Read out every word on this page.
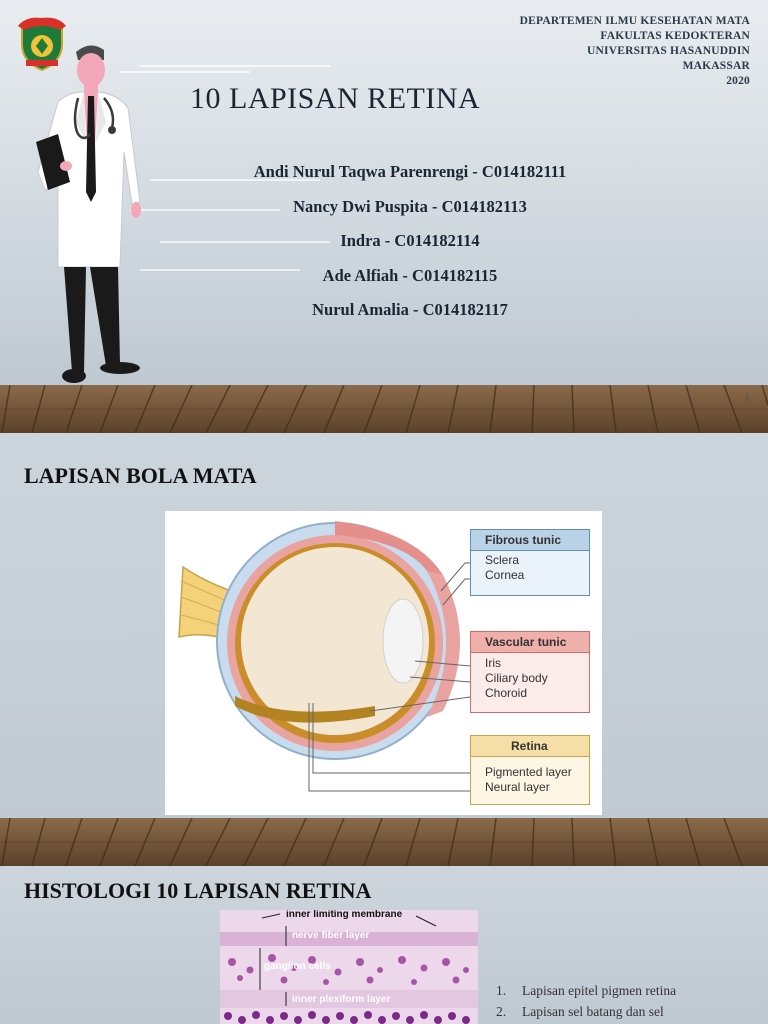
DEPARTEMEN ILMU KESEHATAN MATA
FAKULTAS KEDOKTERAN
UNIVERSITAS HASANUDDIN
MAKASSAR
2020
10 LAPISAN RETINA
Andi Nurul Taqwa Parenrengi - C014182111
Nancy Dwi Puspita - C014182113
Indra - C014182114
Ade Alfiah - C014182115
Nurul Amalia - C014182117
1
LAPISAN BOLA MATA
Fibrous tunic
Sclera
Cornea
Vascular tunic
Iris
Ciliary body
Choroid
Retina
Pigmented layer
Neural layer
HISTOLOGI 10 LAPISAN RETINA
inner limiting membrane
nerve fiber layer
ganglion cells
inner plexiform layer
1. Lapisan epitel pigmen retina
2. Lapisan sel batang dan sel
